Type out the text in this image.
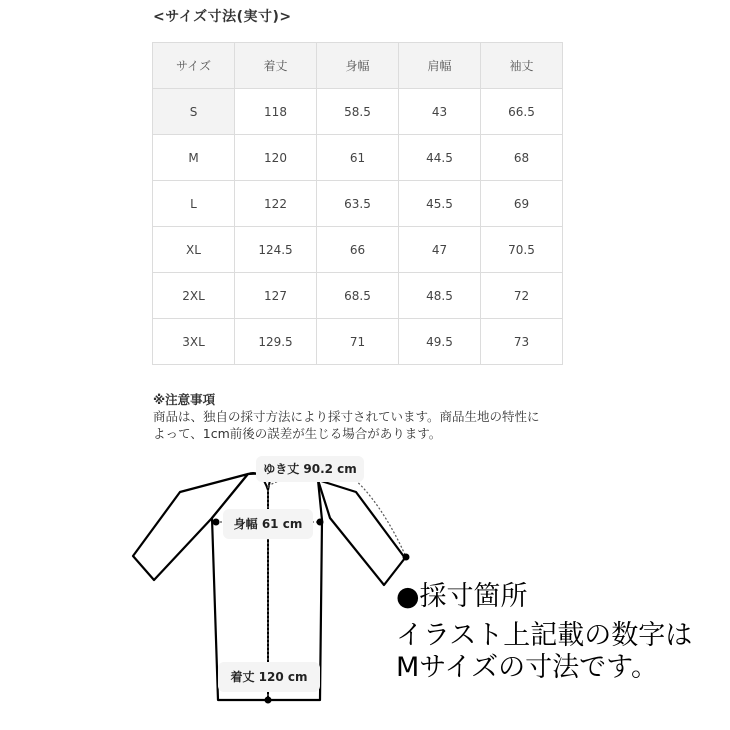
<サイズ寸法(実寸)>
サイズ	着丈	身幅	肩幅	袖丈
S	118	58.5	43	66.5
M	120	61	44.5	68
L	122	63.5	45.5	69
XL	124.5	66	47	70.5
2XL	127	68.5	48.5	72
3XL	129.5	71	49.5	73
※注意事項
商品は、独自の採寸方法により採寸されています。商品生地の特性に
よって、1cm前後の誤差が生じる場合があります。
ゆき丈 90.2 cm
身幅 61 cm
着丈 120 cm
●採寸箇所
イラスト上記載の数字は
Mサイズの寸法です。
